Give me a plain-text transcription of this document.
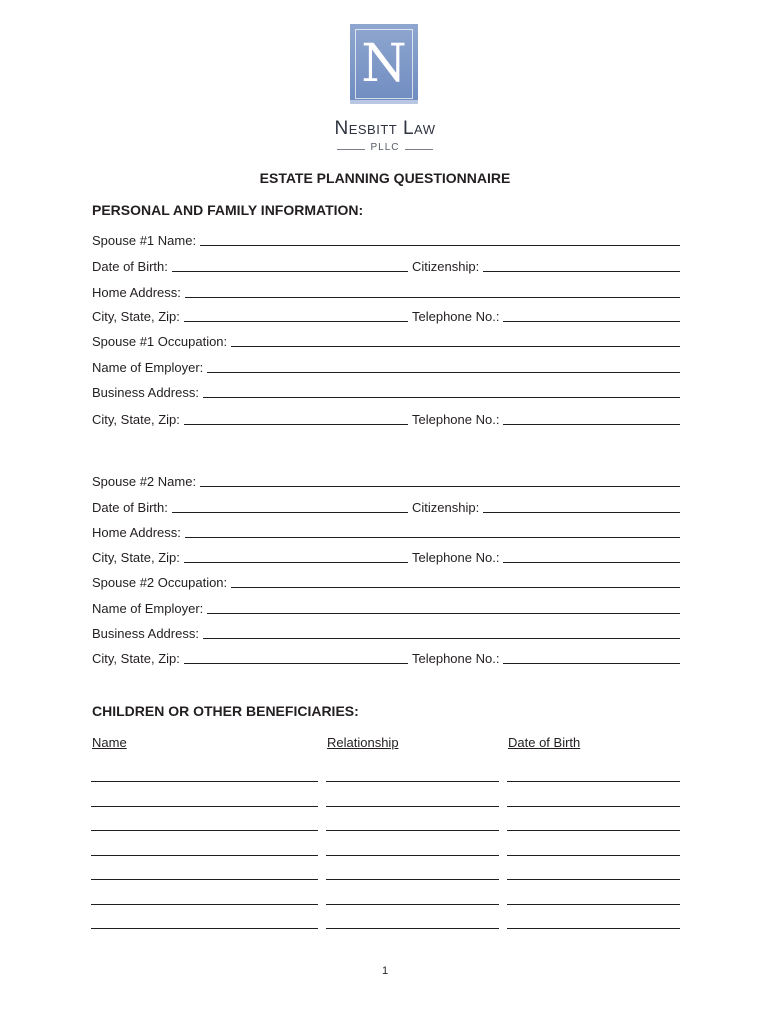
N
Nesbitt Law
PLLC
ESTATE PLANNING QUESTIONNAIRE
PERSONAL AND FAMILY INFORMATION:
Spouse #1 Name:
Date of Birth:	Citizenship:
Home Address:
City, State, Zip:	Telephone No.:
Spouse #1 Occupation:
Name of Employer:
Business Address:
City, State, Zip:	Telephone No.:
Spouse #2 Name:
Date of Birth:	Citizenship:
Home Address:
City, State, Zip:	Telephone No.:
Spouse #2 Occupation:
Name of Employer:
Business Address:
City, State, Zip:	Telephone No.:
CHILDREN OR OTHER BENEFICIARIES:
Name	Relationship	Date of Birth
1
